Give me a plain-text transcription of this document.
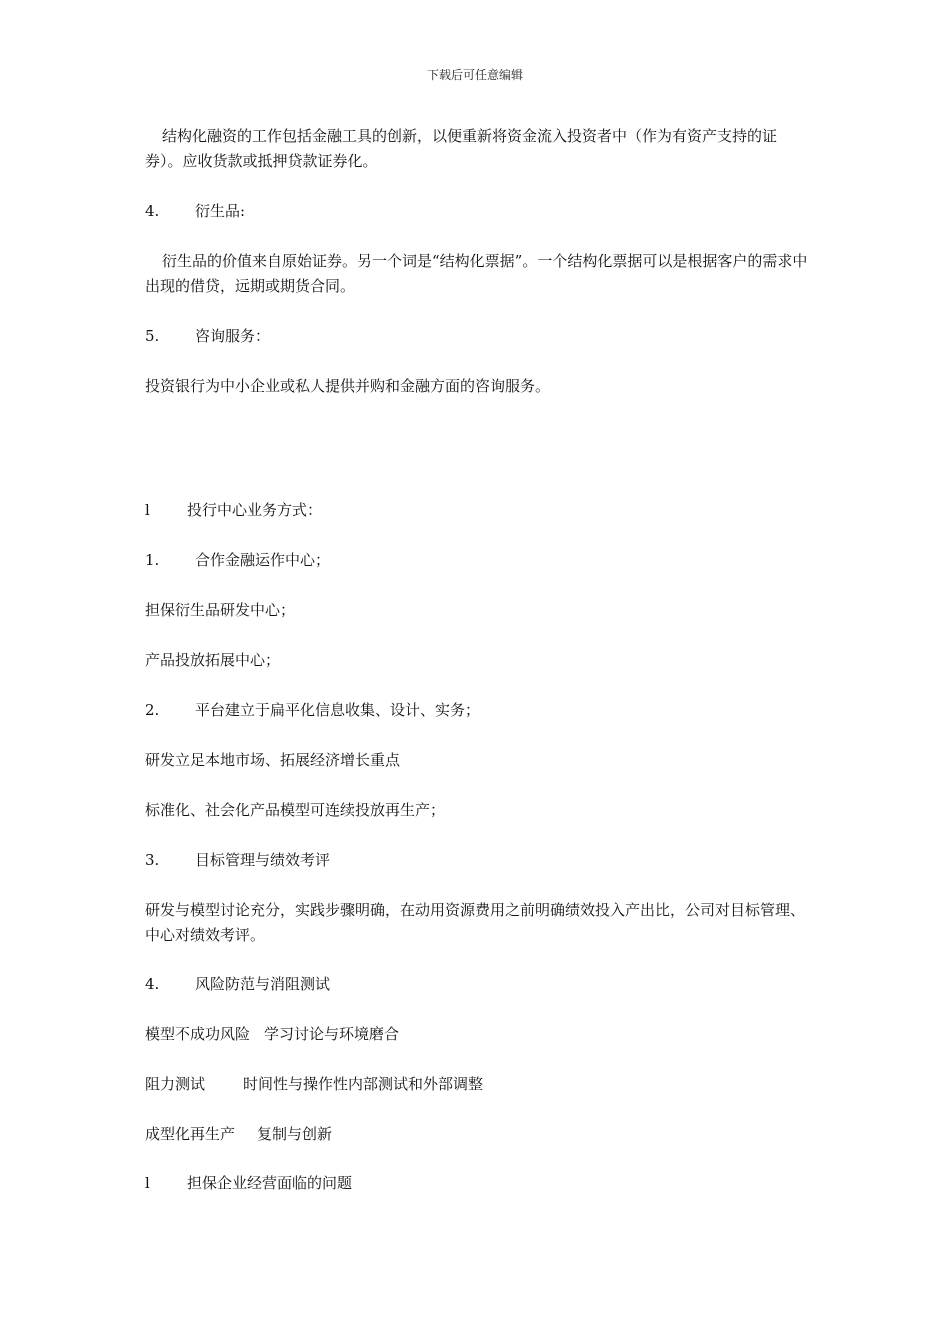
下载后可任意编辑
结构化融资的工作包括金融工具的创新，以便重新将资金流入投资者中（作为有资产支持的证券）。应收货款或抵押贷款证券化。
4. 衍生品:
衍生品的价值来自原始证券。另一个词是“结构化票据”。一个结构化票据可以是根据客户的需求中出现的借贷，远期或期货合同。
5. 咨询服务：
投资银行为中小企业或私人提供并购和金融方面的咨询服务。
l 投行中心业务方式：
1. 合作金融运作中心；
担保衍生品研发中心；
产品投放拓展中心；
2. 平台建立于扁平化信息收集、设计、实务；
研发立足本地市场、拓展经济增长重点
标准化、社会化产品模型可连续投放再生产；
3. 目标管理与绩效考评
研发与模型讨论充分，实践步骤明确，在动用资源费用之前明确绩效投入产出比，公司对目标管理、中心对绩效考评。
4. 风险防范与消阻测试
模型不成功风险 学习讨论与环境磨合
阻力测试	时间性与操作性内部测试和外部调整
成型化再生产 复制与创新
l 担保企业经营面临的问题
